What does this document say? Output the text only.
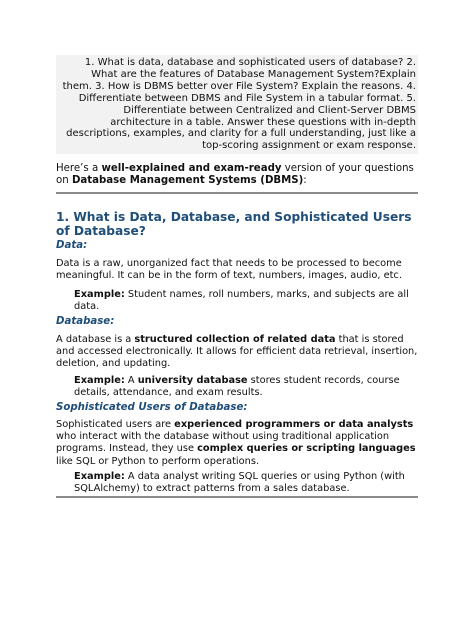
1. What is data, database and sophisticated users of database? 2. What are the features of Database Management System?Explain them. 3. How is DBMS better over File System? Explain the reasons. 4. Differentiate between DBMS and File System in a tabular format. 5. Differentiate between Centralized and Client-Server DBMS architecture in a table. Answer these questions with in-depth descriptions, examples, and clarity for a full understanding, just like a top-scoring assignment or exam response.

Here’s a well-explained and exam-ready version of your questions on Database Management Systems (DBMS):

1. What is Data, Database, and Sophisticated Users of Database?

Data:

Data is a raw, unorganized fact that needs to be processed to become meaningful. It can be in the form of text, numbers, images, audio, etc.

Example: Student names, roll numbers, marks, and subjects are all data.

Database:

A database is a structured collection of related data that is stored and accessed electronically. It allows for efficient data retrieval, insertion, deletion, and updating.

Example: A university database stores student records, course details, attendance, and exam results.

Sophisticated Users of Database:

Sophisticated users are experienced programmers or data analysts who interact with the database without using traditional application programs. Instead, they use complex queries or scripting languages like SQL or Python to perform operations.

Example: A data analyst writing SQL queries or using Python (with SQLAlchemy) to extract patterns from a sales database.
